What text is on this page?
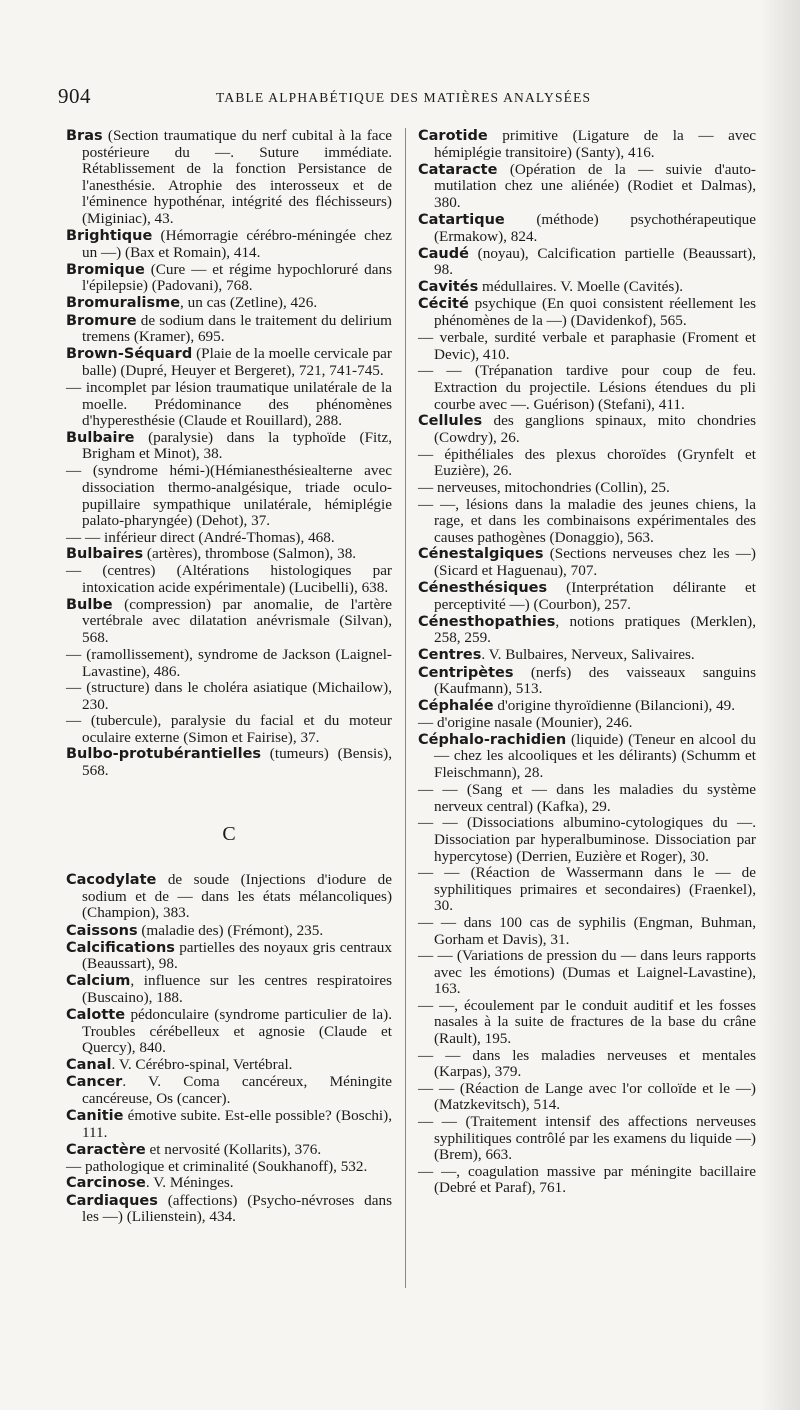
904	TABLE ALPHABÉTIQUE DES MATIÈRES ANALYSÉES

Bras (Section traumatique du nerf cubital à la face postérieure du —. Suture immédiate. Rétablissement de la fonction Persistance de l'anesthésie. Atrophie des interosseux et de l'éminence hypothénar, intégrité des fléchisseurs) (Miginiac), 43.

Brightique (Hémorragie cérébro-méningée chez un —) (Bax et Romain), 414.

Bromique (Cure — et régime hypochloruré dans l'épilepsie) (Padovani), 768.

Bromuralisme, un cas (Zetline), 426.

Bromure de sodium dans le traitement du delirium tremens (Kramer), 695.

Brown-Séquard (Plaie de la moelle cervicale par balle) (Dupré, Heuyer et Bergeret), 721, 741-745.

— incomplet par lésion traumatique unilatérale de la moelle. Prédominance des phénomènes d'hyperesthésie (Claude et Rouillard), 288.

Bulbaire (paralysie) dans la typhoïde (Fitz, Brigham et Minot), 38.

— (syndrome hémi-)(Hémianesthésiealterne avec dissociation thermo-analgésique, triade oculo-pupillaire sympathique unilatérale, hémiplégie palato-pharyngée) (Dehot), 37.

— — inférieur direct (André-Thomas), 468.

Bulbaires (artères), thrombose (Salmon), 38.

— (centres) (Altérations histologiques par intoxication acide expérimentale) (Lucibelli), 638.

Bulbe (compression) par anomalie, de l'artère vertébrale avec dilatation anévrismale (Silvan), 568.

— (ramollissement), syndrome de Jackson (Laignel-Lavastine), 486.

— (structure) dans le choléra asiatique (Michailow), 230.

— (tubercule), paralysie du facial et du moteur oculaire externe (Simon et Fairise), 37.

Bulbo-protubérantielles (tumeurs) (Bensis), 568.

C

Cacodylate de soude (Injections d'iodure de sodium et de — dans les états mélancoliques) (Champion), 383.

Caissons (maladie des) (Frémont), 235.

Calcifications partielles des noyaux gris centraux (Beaussart), 98.

Calcium, influence sur les centres respiratoires (Buscaino), 188.

Calotte pédonculaire (syndrome particulier de la). Troubles cérébelleux et agnosie (Claude et Quercy), 840.

Canal. V. Cérébro-spinal, Vertébral.

Cancer. V. Coma cancéreux, Méningite cancéreuse, Os (cancer).

Canitie émotive subite. Est-elle possible? (Boschi), 111.

Caractère et nervosité (Kollarits), 376.

— pathologique et criminalité (Soukhanoff), 532.

Carcinose. V. Méninges.

Cardiaques (affections) (Psycho-névroses dans les —) (Lilienstein), 434.

Carotide primitive (Ligature de la — avec hémiplégie transitoire) (Santy), 416.

Cataracte (Opération de la — suivie d'auto-mutilation chez une aliénée) (Rodiet et Dalmas), 380.

Catartique (méthode) psychothérapeutique (Ermakow), 824.

Caudé (noyau), Calcification partielle (Beaussart), 98.

Cavités médullaires. V. Moelle (Cavités).

Cécité psychique (En quoi consistent réellement les phénomènes de la —) (Davidenkof), 565.

— verbale, surdité verbale et paraphasie (Froment et Devic), 410.

— — (Trépanation tardive pour coup de feu. Extraction du projectile. Lésions étendues du pli courbe avec —. Guérison) (Stefani), 411.

Cellules des ganglions spinaux, mito chondries (Cowdry), 26.

— épithéliales des plexus choroïdes (Grynfelt et Euzière), 26.

— nerveuses, mitochondries (Collin), 25.

— —, lésions dans la maladie des jeunes chiens, la rage, et dans les combinaisons expérimentales des causes pathogènes (Donaggio), 563.

Cénestalgiques (Sections nerveuses chez les —) (Sicard et Haguenau), 707.

Cénesthésiques (Interprétation délirante et perceptivité —) (Courbon), 257.

Cénesthopathies, notions pratiques (Merklen), 258, 259.

Centres. V. Bulbaires, Nerveux, Salivaires.

Centripètes (nerfs) des vaisseaux sanguins (Kaufmann), 513.

Céphalée d'origine thyroïdienne (Bilancioni), 49.

— d'origine nasale (Mounier), 246.

Céphalo-rachidien (liquide) (Teneur en alcool du — chez les alcooliques et les délirants) (Schumm et Fleischmann), 28.

— — (Sang et — dans les maladies du système nerveux central) (Kafka), 29.

— — (Dissociations albumino-cytologiques du —. Dissociation par hyperalbuminose. Dissociation par hypercytose) (Derrien, Euzière et Roger), 30.

— — (Réaction de Wassermann dans le — de syphilitiques primaires et secondaires) (Fraenkel), 30.

— — dans 100 cas de syphilis (Engman, Buhman, Gorham et Davis), 31.

— — (Variations de pression du — dans leurs rapports avec les émotions) (Dumas et Laignel-Lavastine), 163.

— —, écoulement par le conduit auditif et les fosses nasales à la suite de fractures de la base du crâne (Rault), 195.

— — dans les maladies nerveuses et mentales (Karpas), 379.

— — (Réaction de Lange avec l'or colloïde et le —) (Matzkevitsch), 514.

— — (Traitement intensif des affections nerveuses syphilitiques contrôlé par les examens du liquide —) (Brem), 663.

— —, coagulation massive par méningite bacillaire (Debré et Paraf), 761.
